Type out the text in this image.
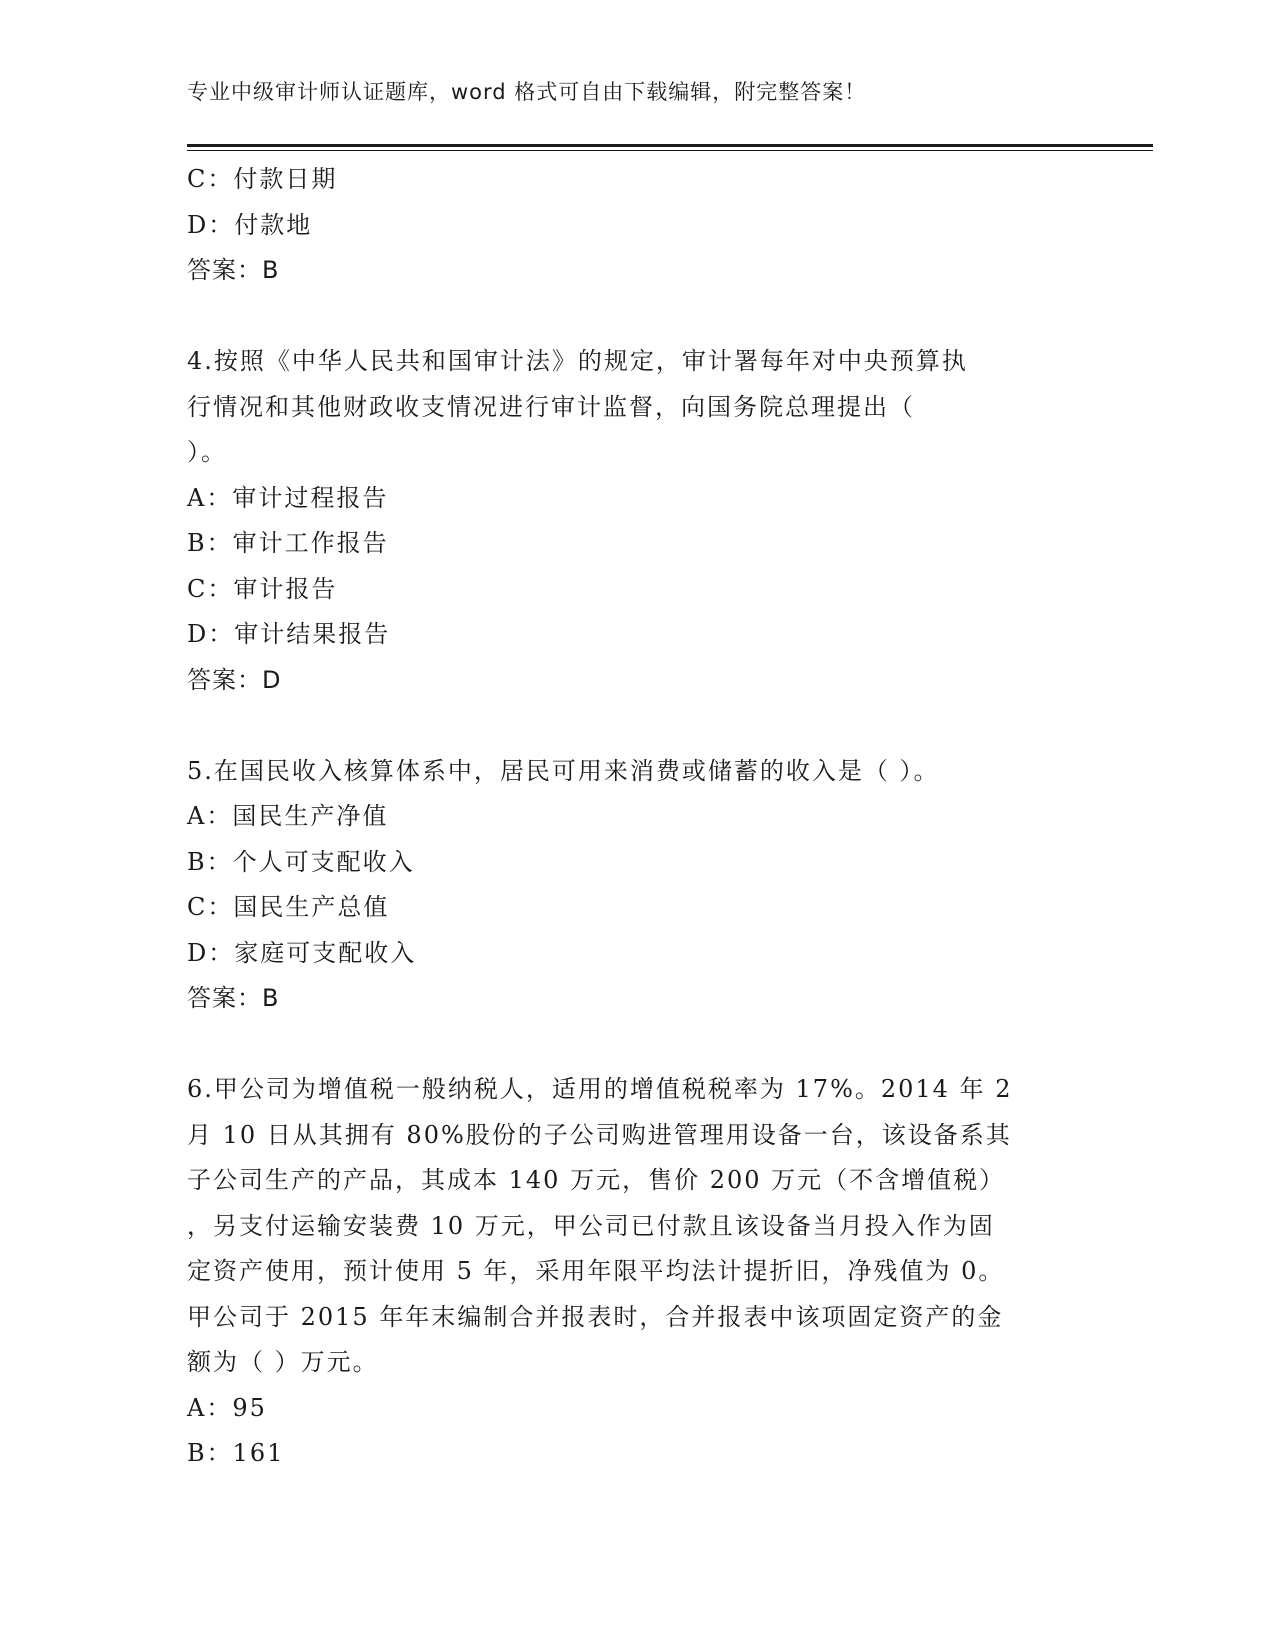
专业中级审计师认证题库，word 格式可自由下载编辑，附完整答案！
C：付款日期
D：付款地
答案：B
4.按照《中华人民共和国审计法》的规定，审计署每年对中央预算执
行情况和其他财政收支情况进行审计监督，向国务院总理提出（
）。
A：审计过程报告
B：审计工作报告
C：审计报告
D：审计结果报告
答案：D
5.在国民收入核算体系中，居民可用来消费或储蓄的收入是（ ）。
A：国民生产净值
B：个人可支配收入
C：国民生产总值
D：家庭可支配收入
答案：B
6.甲公司为增值税一般纳税人，适用的增值税税率为 17%。2014 年 2
月 10 日从其拥有 80%股份的子公司购进管理用设备一台，该设备系其
子公司生产的产品，其成本 140 万元，售价 200 万元（不含增值税）
，另支付运输安装费 10 万元，甲公司已付款且该设备当月投入作为固
定资产使用，预计使用 5 年，采用年限平均法计提折旧，净残值为 0。
甲公司于 2015 年年末编制合并报表时，合并报表中该项固定资产的金
额为（ ）万元。
A：95
B：161
